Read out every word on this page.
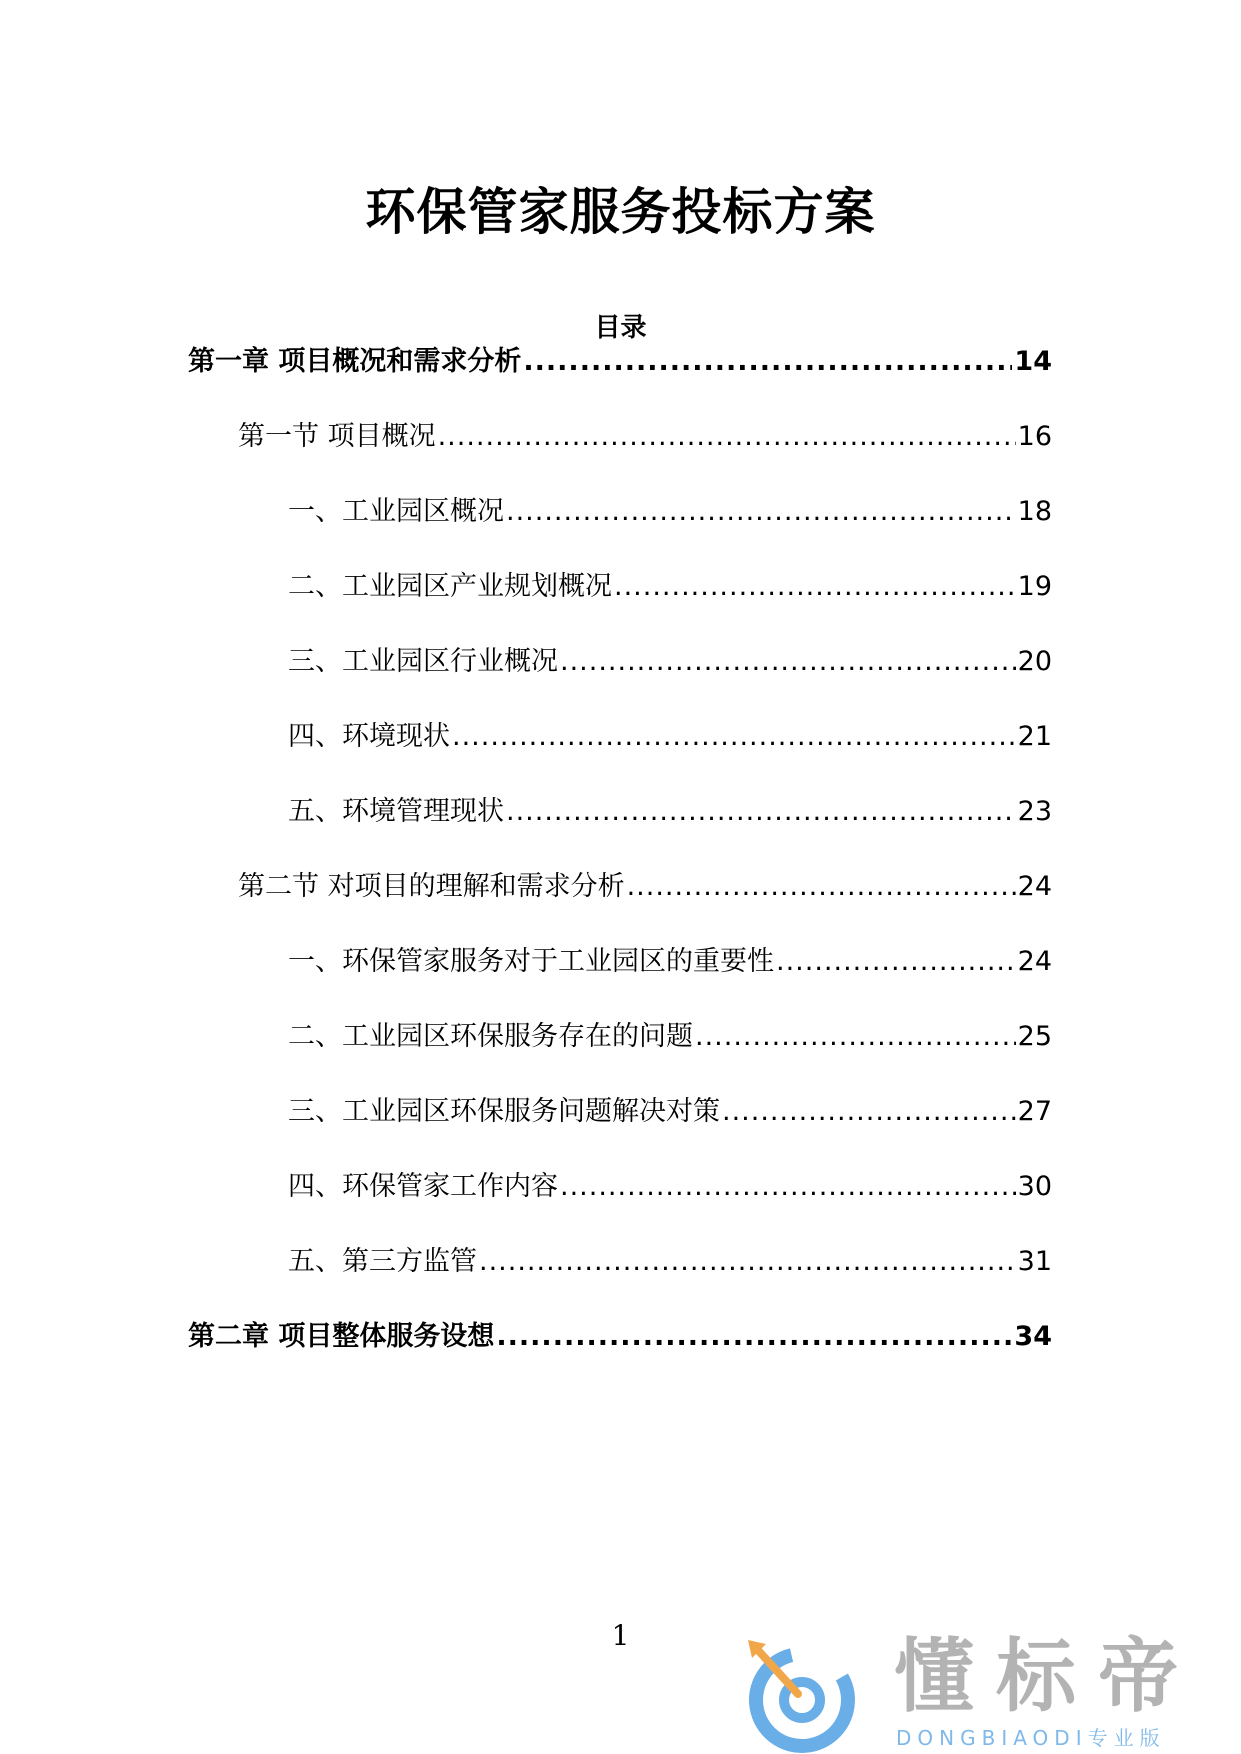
环保管家服务投标方案
目录
第一章 项目概况和需求分析 .....	14
第一节 项目概况 .....	16
一、工业园区概况 .....	18
二、工业园区产业规划概况 .....	19
三、工业园区行业概况 .....	20
四、环境现状 .....	21
五、环境管理现状 .....	23
第二节 对项目的理解和需求分析 .....	24
一、环保管家服务对于工业园区的重要性 .....	24
二、工业园区环保服务存在的问题 .....	25
三、工业园区环保服务问题解决对策 .....	27
四、环保管家工作内容 .....	30
五、第三方监管 .....	31
第二章 项目整体服务设想 .....	34
1	懂标帝
DONGBIAODI专业版
